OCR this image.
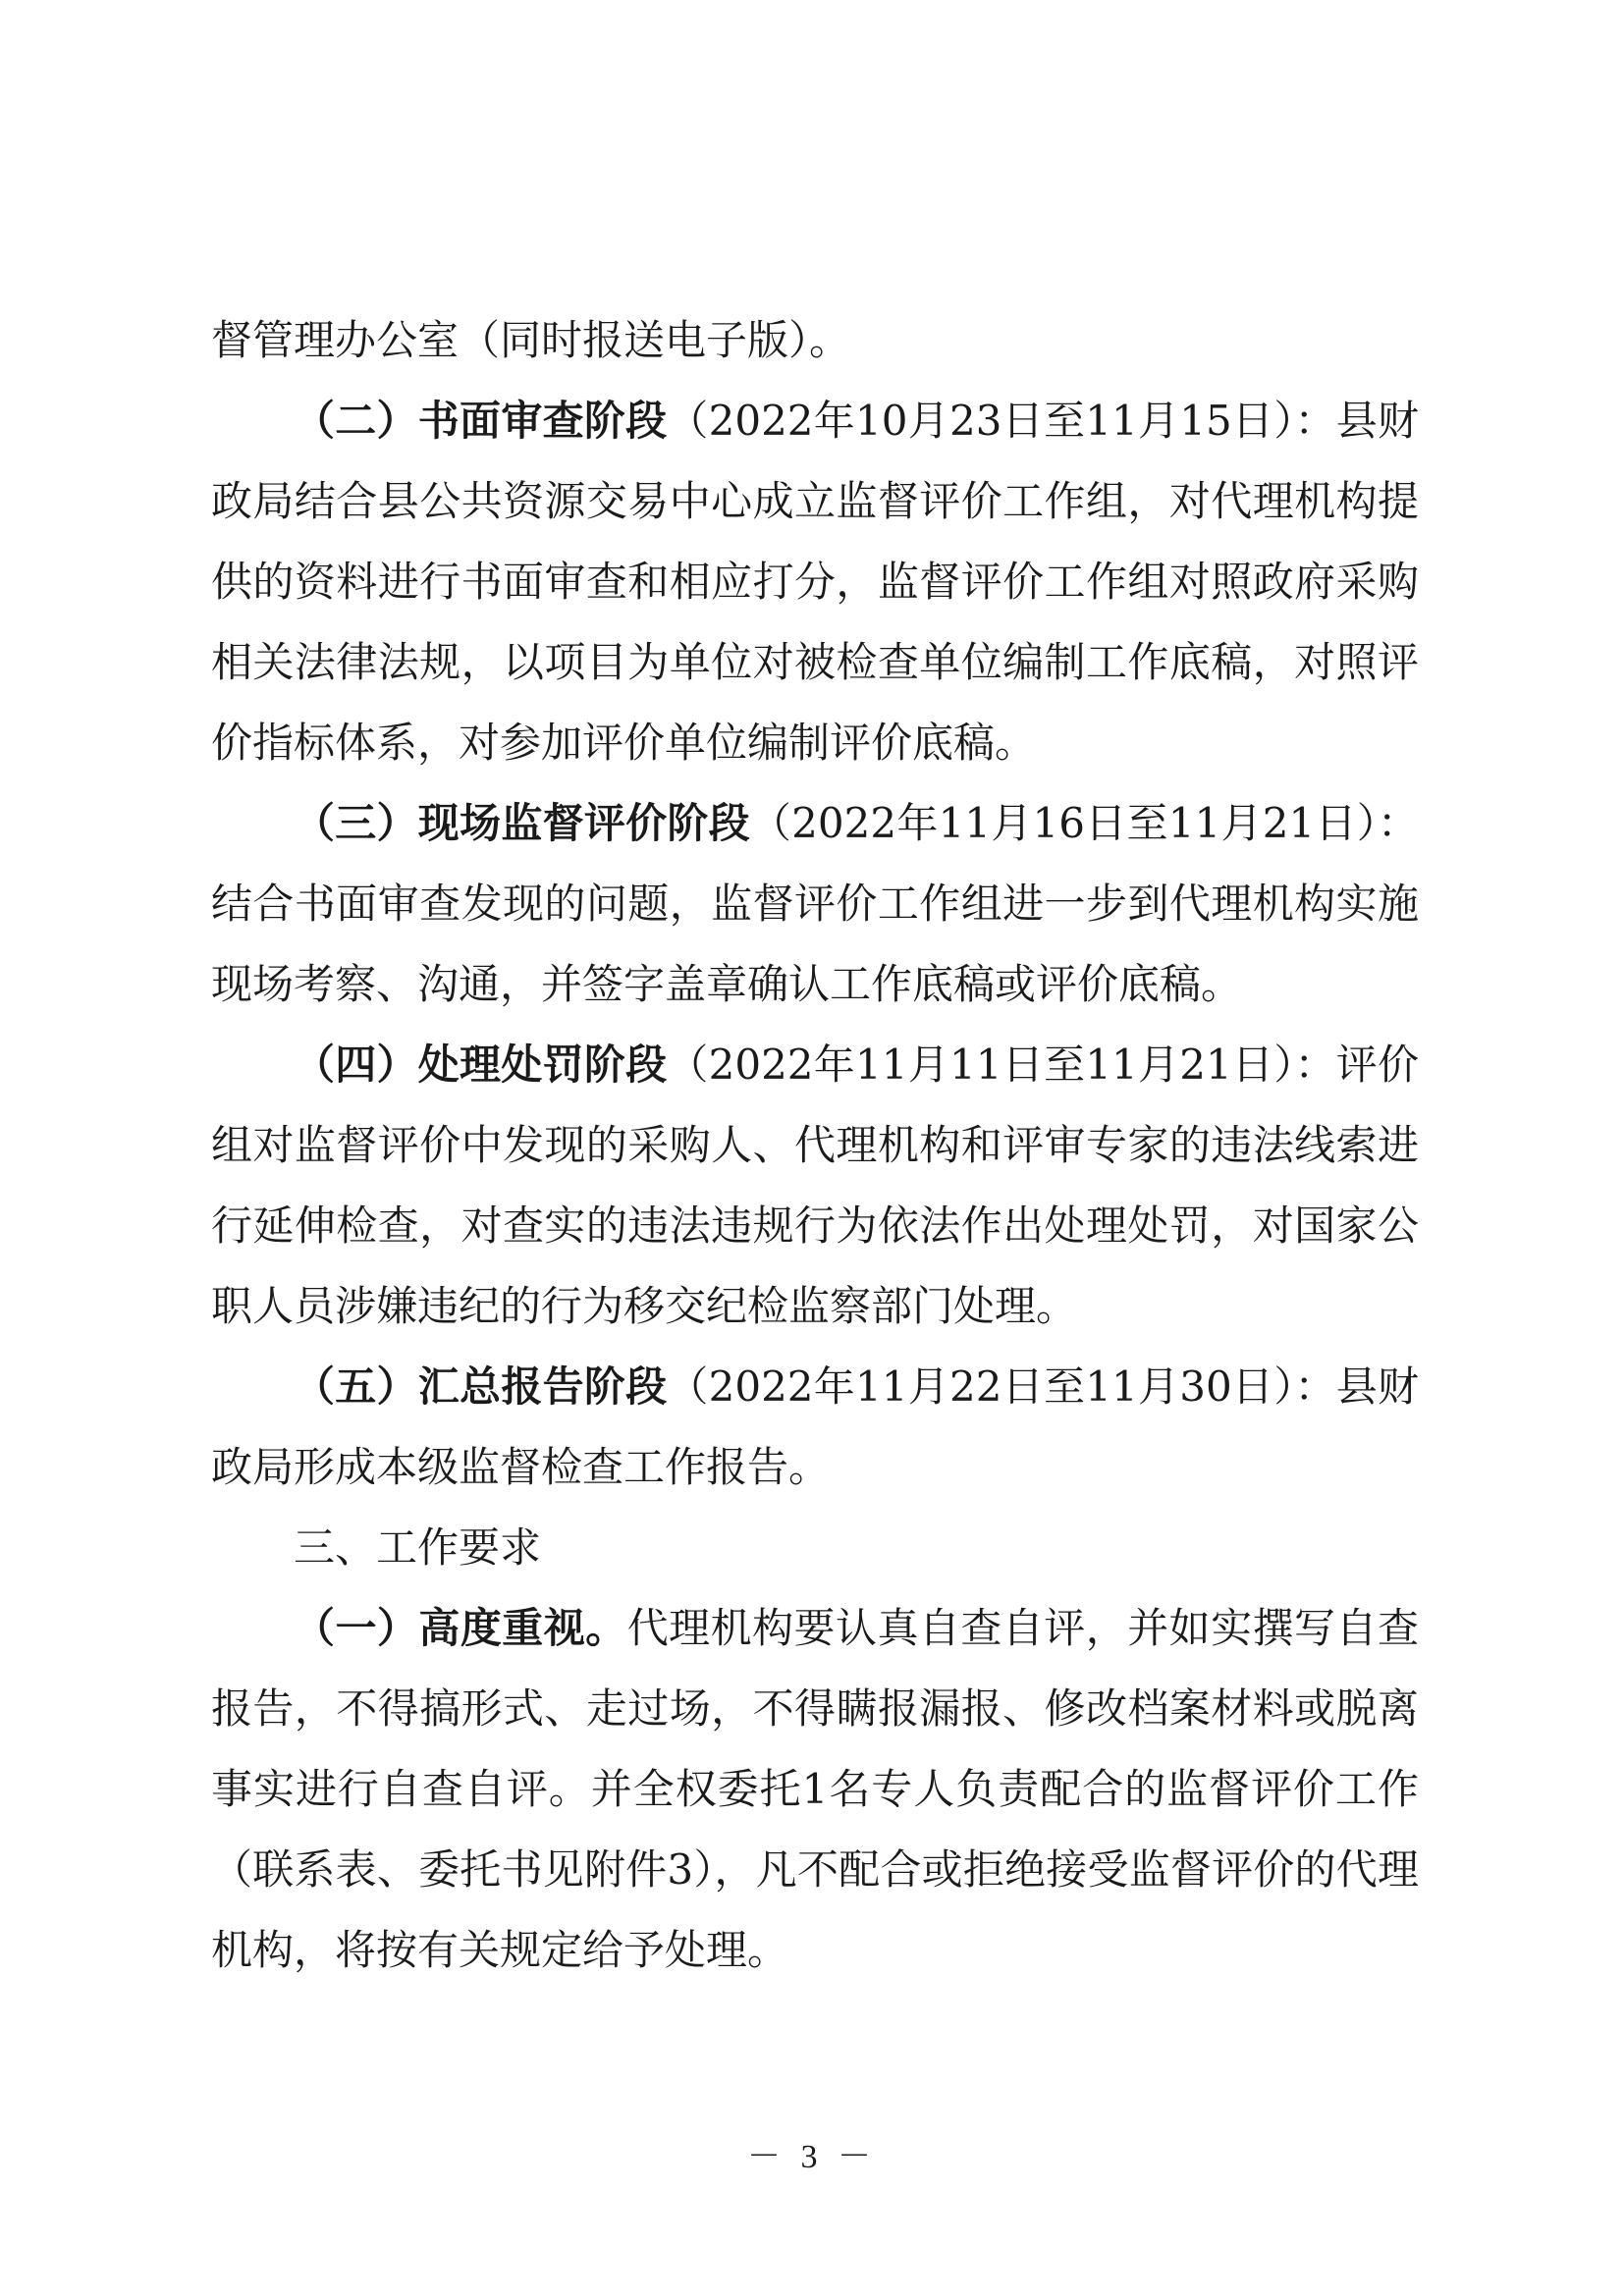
督管理办公室（同时报送电子版）。

（二）书面审查阶段（2022年10月23日至11月15日）：县财政局结合县公共资源交易中心成立监督评价工作组，对代理机构提供的资料进行书面审查和相应打分，监督评价工作组对照政府采购相关法律法规，以项目为单位对被检查单位编制工作底稿，对照评价指标体系，对参加评价单位编制评价底稿。

（三）现场监督评价阶段（2022年11月16日至11月21日）：结合书面审查发现的问题，监督评价工作组进一步到代理机构实施现场考察、沟通，并签字盖章确认工作底稿或评价底稿。

（四）处理处罚阶段（2022年11月11日至11月21日）：评价组对监督评价中发现的采购人、代理机构和评审专家的违法线索进行延伸检查，对查实的违法违规行为依法作出处理处罚，对国家公职人员涉嫌违纪的行为移交纪检监察部门处理。

（五）汇总报告阶段（2022年11月22日至11月30日）：县财政局形成本级监督检查工作报告。

三、工作要求

（一）高度重视。代理机构要认真自查自评，并如实撰写自查报告，不得搞形式、走过场，不得瞒报漏报、修改档案材料或脱离事实进行自查自评。并全权委托1名专人负责配合的监督评价工作（联系表、委托书见附件3），凡不配合或拒绝接受监督评价的代理机构，将按有关规定给予处理。

－ 3 －
